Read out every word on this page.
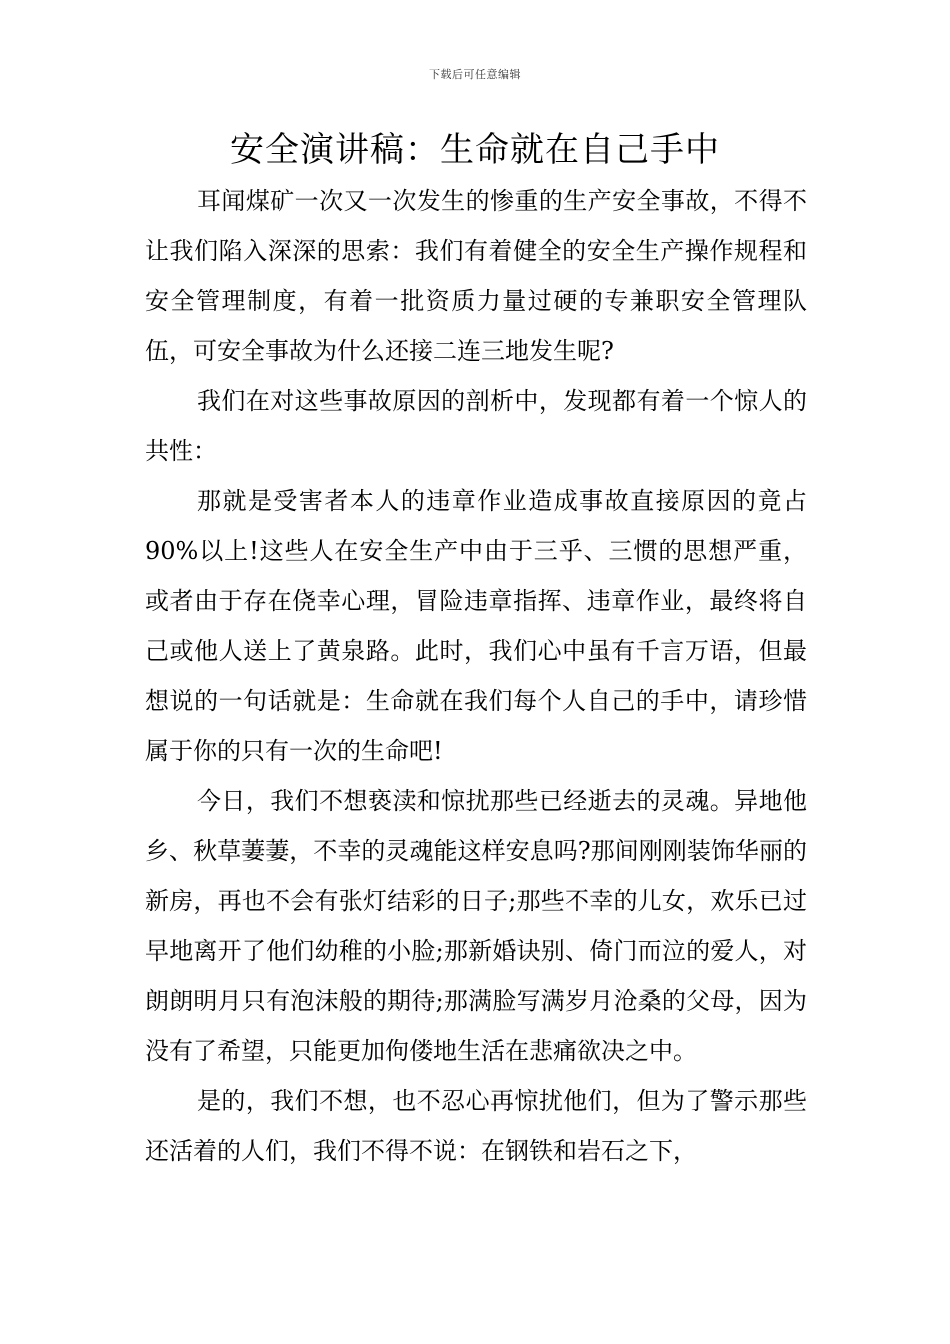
下载后可任意编辑
安全演讲稿：生命就在自己手中

耳闻煤矿一次又一次发生的惨重的生产安全事故，不得不让我们陷入深深的思索：我们有着健全的安全生产操作规程和安全管理制度，有着一批资质力量过硬的专兼职安全管理队伍，可安全事故为什么还接二连三地发生呢?

我们在对这些事故原因的剖析中，发现都有着一个惊人的共性：

那就是受害者本人的违章作业造成事故直接原因的竟占90%以上!这些人在安全生产中由于三乎、三惯的思想严重，或者由于存在侥幸心理，冒险违章指挥、违章作业，最终将自己或他人送上了黄泉路。此时，我们心中虽有千言万语，但最想说的一句话就是：生命就在我们每个人自己的手中，请珍惜属于你的只有一次的生命吧!

今日，我们不想亵渎和惊扰那些已经逝去的灵魂。异地他乡、秋草萋萋，不幸的灵魂能这样安息吗?那间刚刚装饰华丽的新房，再也不会有张灯结彩的日子;那些不幸的儿女，欢乐已过早地离开了他们幼稚的小脸;那新婚诀别、倚门而泣的爱人，对朗朗明月只有泡沫般的期待;那满脸写满岁月沧桑的父母，因为没有了希望，只能更加佝偻地生活在悲痛欲决之中。

是的，我们不想，也不忍心再惊扰他们，但为了警示那些还活着的人们，我们不得不说：在钢铁和岩石之下，
